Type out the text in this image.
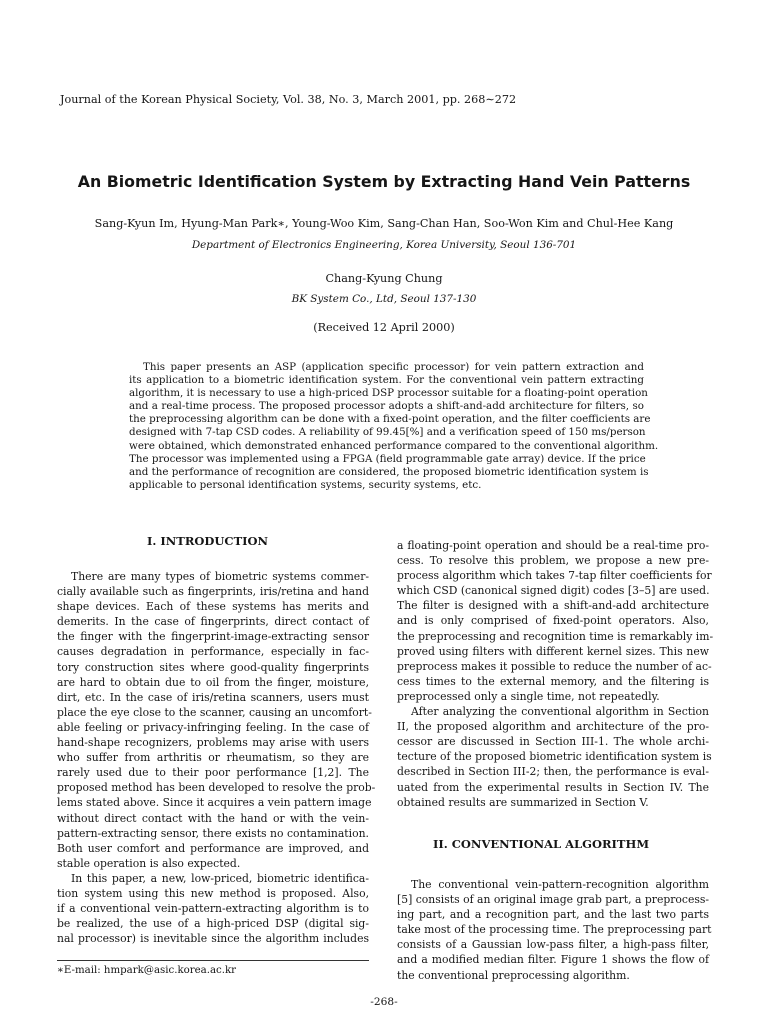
Journal of the Korean Physical Society, Vol. 38, No. 3, March 2001, pp. 268∼272
An Biometric Identification System by Extracting Hand Vein Patterns
Sang-Kyun Im, Hyung-Man Park∗, Young-Woo Kim, Sang-Chan Han, Soo-Won Kim and Chul-Hee Kang
Department of Electronics Engineering, Korea University, Seoul 136-701
Chang-Kyung Chung
BK System Co., Ltd, Seoul 137-130
(Received 12 April 2000)
This paper presents an ASP (application specific processor) for vein pattern extraction and
its application to a biometric identification system. For the conventional vein pattern extracting
algorithm, it is necessary to use a high-priced DSP processor suitable for a floating-point operation
and a real-time process. The proposed processor adopts a shift-and-add architecture for filters, so
the preprocessing algorithm can be done with a fixed-point operation, and the filter coefficients are
designed with 7-tap CSD codes. A reliability of 99.45[%] and a verification speed of 150 ms/person
were obtained, which demonstrated enhanced performance compared to the conventional algorithm.
The processor was implemented using a FPGA (field programmable gate array) device. If the price
and the performance of recognition are considered, the proposed biometric identification system is
applicable to personal identification systems, security systems, etc.
I. INTRODUCTION
There are many types of biometric systems commer-
cially available such as fingerprints, iris/retina and hand
shape devices. Each of these systems has merits and
demerits. In the case of fingerprints, direct contact of
the finger with the fingerprint-image-extracting sensor
causes degradation in performance, especially in fac-
tory construction sites where good-quality fingerprints
are hard to obtain due to oil from the finger, moisture,
dirt, etc. In the case of iris/retina scanners, users must
place the eye close to the scanner, causing an uncomfort-
able feeling or privacy-infringing feeling. In the case of
hand-shape recognizers, problems may arise with users
who suffer from arthritis or rheumatism, so they are
rarely used due to their poor performance [1,2]. The
proposed method has been developed to resolve the prob-
lems stated above. Since it acquires a vein pattern image
without direct contact with the hand or with the vein-
pattern-extracting sensor, there exists no contamination.
Both user comfort and performance are improved, and
stable operation is also expected.
In this paper, a new, low-priced, biometric identifica-
tion system using this new method is proposed. Also,
if a conventional vein-pattern-extracting algorithm is to
be realized, the use of a high-priced DSP (digital sig-
nal processor) is inevitable since the algorithm includes
a floating-point operation and should be a real-time pro-
cess. To resolve this problem, we propose a new pre-
process algorithm which takes 7-tap filter coefficients for
which CSD (canonical signed digit) codes [3–5] are used.
The filter is designed with a shift-and-add architecture
and is only comprised of fixed-point operators. Also,
the preprocessing and recognition time is remarkably im-
proved using filters with different kernel sizes. This new
preprocess makes it possible to reduce the number of ac-
cess times to the external memory, and the filtering is
preprocessed only a single time, not repeatedly.
After analyzing the conventional algorithm in Section
II, the proposed algorithm and architecture of the pro-
cessor are discussed in Section III-1. The whole archi-
tecture of the proposed biometric identification system is
described in Section III-2; then, the performance is eval-
uated from the experimental results in Section IV. The
obtained results are summarized in Section V.
II. CONVENTIONAL ALGORITHM
The conventional vein-pattern-recognition algorithm
[5] consists of an original image grab part, a preprocess-
ing part, and a recognition part, and the last two parts
take most of the processing time. The preprocessing part
consists of a Gaussian low-pass filter, a high-pass filter,
and a modified median filter. Figure 1 shows the flow of
the conventional preprocessing algorithm.
∗E-mail: hmpark@asic.korea.ac.kr
-268-
